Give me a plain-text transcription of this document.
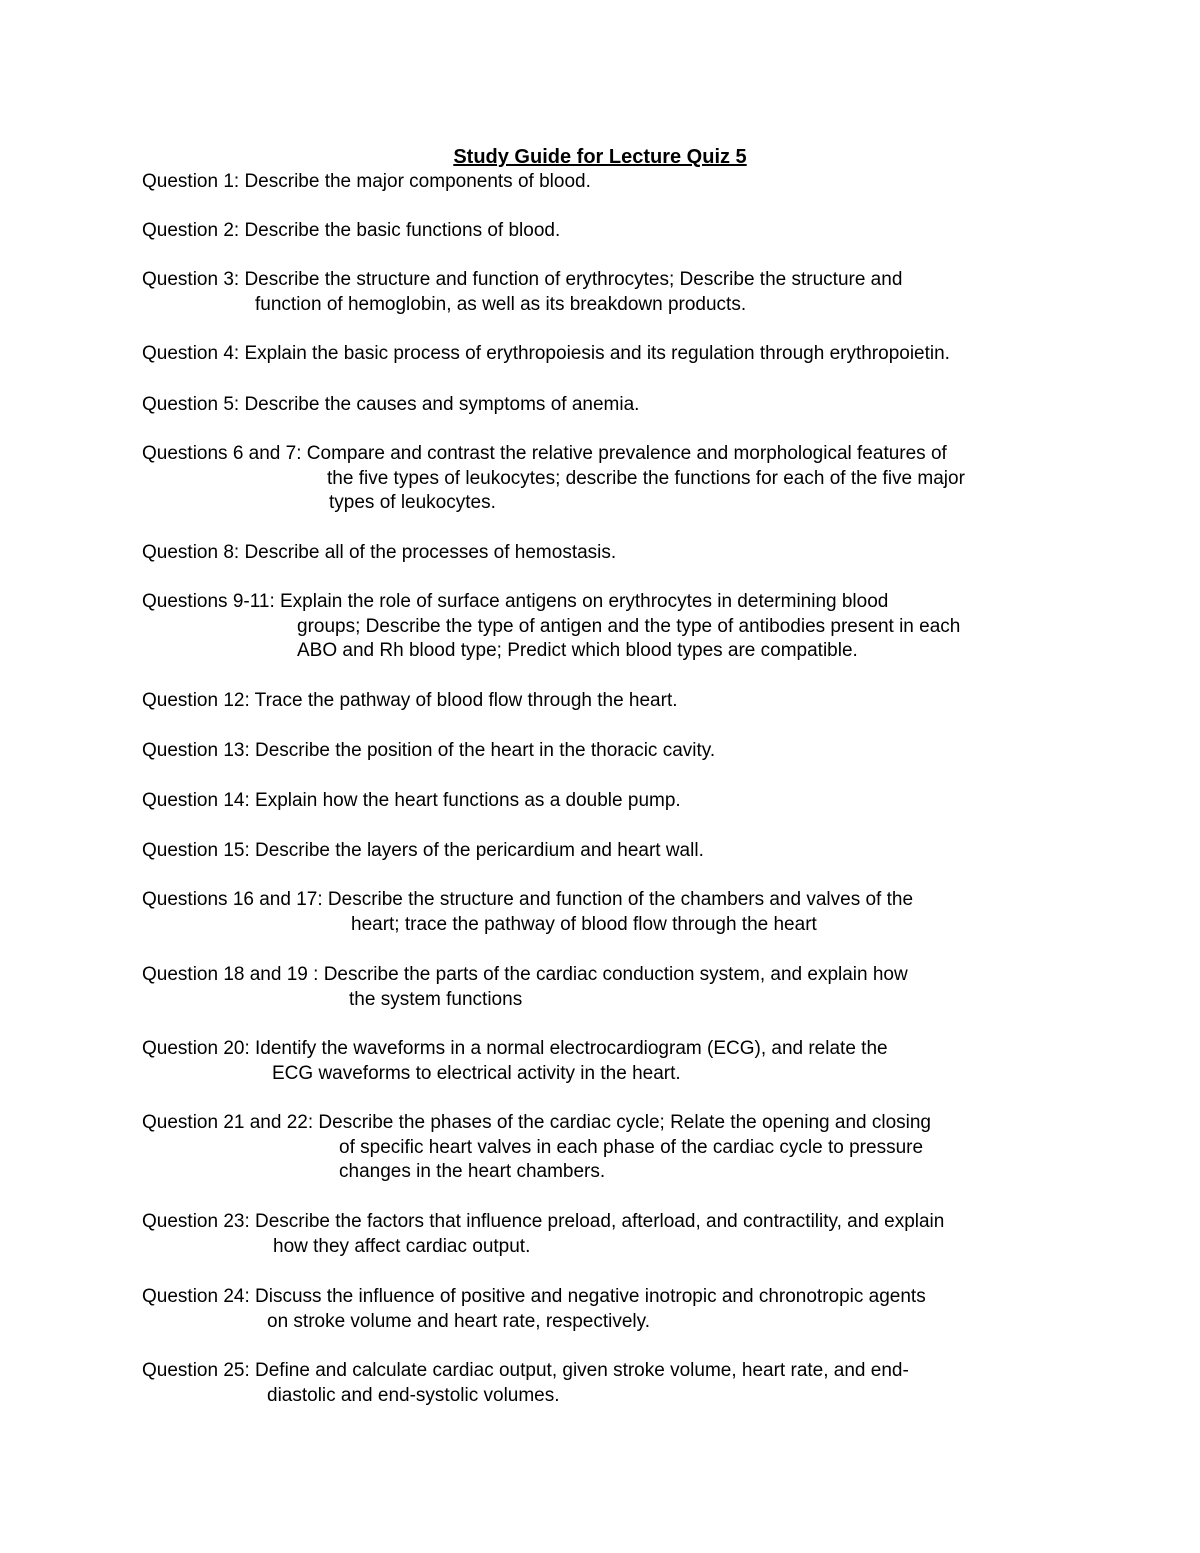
Study Guide for Lecture Quiz 5
Question 1: Describe the major components of blood.
Question 2: Describe the basic functions of blood.
Question 3: Describe the structure and function of erythrocytes; Describe the structure and
function of hemoglobin, as well as its breakdown products.
Question 4: Explain the basic process of erythropoiesis and its regulation through erythropoietin.
Question 5: Describe the causes and symptoms of anemia.
Questions 6 and 7: Compare and contrast the relative prevalence and morphological features of
the five types of leukocytes; describe the functions for each of the five major
types of leukocytes.
Question 8: Describe all of the processes of hemostasis.
Questions 9-11: Explain the role of surface antigens on erythrocytes in determining blood
groups; Describe the type of antigen and the type of antibodies present in each
ABO and Rh blood type; Predict which blood types are compatible.
Question 12: Trace the pathway of blood flow through the heart.
Question 13: Describe the position of the heart in the thoracic cavity.
Question 14: Explain how the heart functions as a double pump.
Question 15: Describe the layers of the pericardium and heart wall.
Questions 16 and 17: Describe the structure and function of the chambers and valves of the
heart; trace the pathway of blood flow through the heart
Question 18 and 19 : Describe the parts of the cardiac conduction system, and explain how
the system functions
Question 20: Identify the waveforms in a normal electrocardiogram (ECG), and relate the
ECG waveforms to electrical activity in the heart.
Question 21 and 22: Describe the phases of the cardiac cycle; Relate the opening and closing
of specific heart valves in each phase of the cardiac cycle to pressure
changes in the heart chambers.
Question 23: Describe the factors that influence preload, afterload, and contractility, and explain
how they affect cardiac output.
Question 24: Discuss the influence of positive and negative inotropic and chronotropic agents
on stroke volume and heart rate, respectively.
Question 25: Define and calculate cardiac output, given stroke volume, heart rate, and end-
diastolic and end-systolic volumes.
